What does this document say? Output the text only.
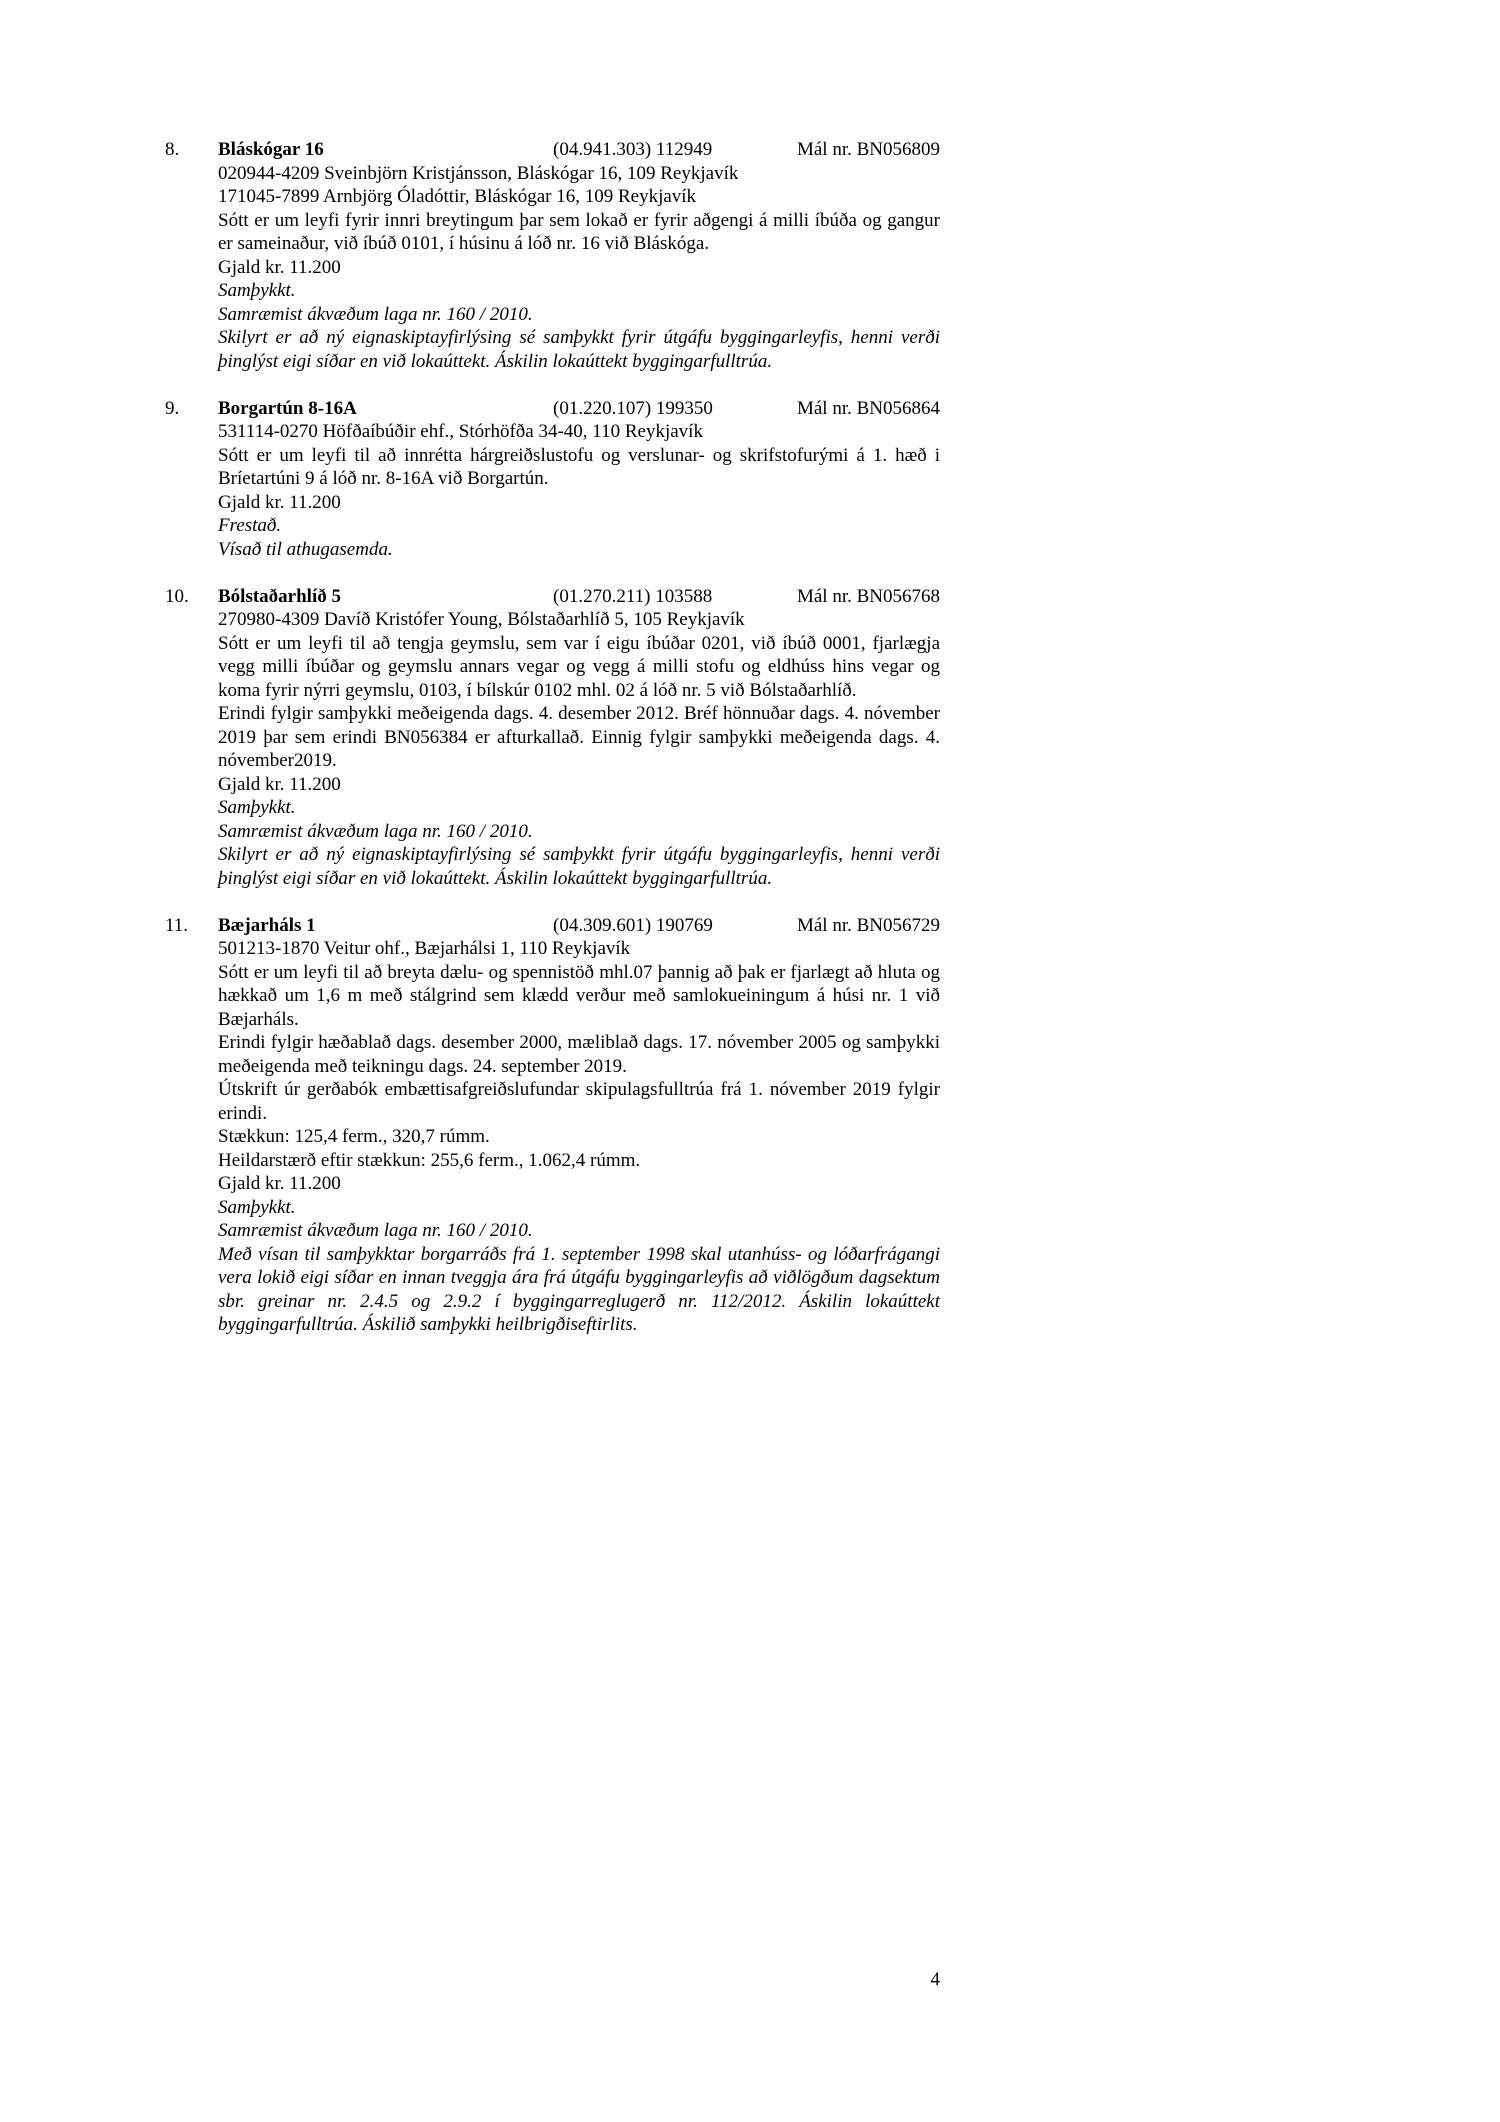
8. Bláskógar 16	(04.941.303) 112949	Mál nr. BN056809

020944-4209 Sveinbjörn Kristjánsson, Bláskógar 16, 109 Reykjavík

171045-7899 Arnbjörg Óladóttir, Bláskógar 16, 109 Reykjavík

Sótt er um leyfi fyrir innri breytingum þar sem lokað er fyrir aðgengi á milli íbúða og gangur er sameinaður, við íbúð 0101, í húsinu á lóð nr. 16 við Bláskóga.

Gjald kr. 11.200

Samþykkt.

Samræmist ákvæðum laga nr. 160 / 2010.

Skilyrt er að ný eignaskiptayfirlýsing sé samþykkt fyrir útgáfu byggingarleyfis, henni verði þinglýst eigi síðar en við lokaúttekt. Áskilin lokaúttekt byggingarfulltrúa.

9. Borgartún 8-16A	(01.220.107) 199350	Mál nr. BN056864

531114-0270 Höfðaíbúðir ehf., Stórhöfða 34-40, 110 Reykjavík

Sótt er um leyfi til að innrétta hárgreiðslustofu og verslunar- og skrifstofurými á 1. hæð i Bríetartúni 9 á lóð nr. 8-16A við Borgartún.

Gjald kr. 11.200

Frestað.

Vísað til athugasemda.

10. Bólstaðarhlíð 5	(01.270.211) 103588	Mál nr. BN056768

270980-4309 Davíð Kristófer Young, Bólstaðarhlíð 5, 105 Reykjavík

Sótt er um leyfi til að tengja geymslu, sem var í eigu íbúðar 0201, við íbúð 0001, fjarlægja vegg milli íbúðar og geymslu annars vegar og vegg á milli stofu og eldhúss hins vegar og koma fyrir nýrri geymslu, 0103, í bílskúr 0102 mhl. 02 á lóð nr. 5 við Bólstaðarhlíð.

Erindi fylgir samþykki meðeigenda dags. 4. desember 2012. Bréf hönnuðar dags. 4. nóvember 2019 þar sem erindi BN056384 er afturkallað. Einnig fylgir samþykki meðeigenda dags. 4. nóvember2019.

Gjald kr. 11.200

Samþykkt.

Samræmist ákvæðum laga nr. 160 / 2010.

Skilyrt er að ný eignaskiptayfirlýsing sé samþykkt fyrir útgáfu byggingarleyfis, henni verði þinglýst eigi síðar en við lokaúttekt. Áskilin lokaúttekt byggingarfulltrúa.

11. Bæjarháls 1	(04.309.601) 190769	Mál nr. BN056729

501213-1870 Veitur ohf., Bæjarhálsi 1, 110 Reykjavík

Sótt er um leyfi til að breyta dælu- og spennistöð mhl.07 þannig að þak er fjarlægt að hluta og hækkað um 1,6 m með stálgrind sem klædd verður með samlokueiningum á húsi nr. 1 við Bæjarháls.

Erindi fylgir hæðablað dags. desember 2000, mæliblað dags. 17. nóvember 2005 og samþykki meðeigenda með teikningu dags. 24. september 2019.

Útskrift úr gerðabók embættisafgreiðslufundar skipulagsfulltrúa frá 1. nóvember 2019 fylgir erindi.

Stækkun: 125,4 ferm., 320,7 rúmm.

Heildarstærð eftir stækkun: 255,6 ferm., 1.062,4 rúmm.

Gjald kr. 11.200

Samþykkt.

Samræmist ákvæðum laga nr. 160 / 2010.

Með vísan til samþykktar borgarráðs frá 1. september 1998 skal utanhúss- og lóðarfrágangi vera lokið eigi síðar en innan tveggja ára frá útgáfu byggingarleyfis að viðlögðum dagsektum sbr. greinar nr. 2.4.5 og 2.9.2 í byggingarreglugerð nr. 112/2012. Áskilin lokaúttekt byggingarfulltrúa. Áskilið samþykki heilbrigðiseftirlits.

4
